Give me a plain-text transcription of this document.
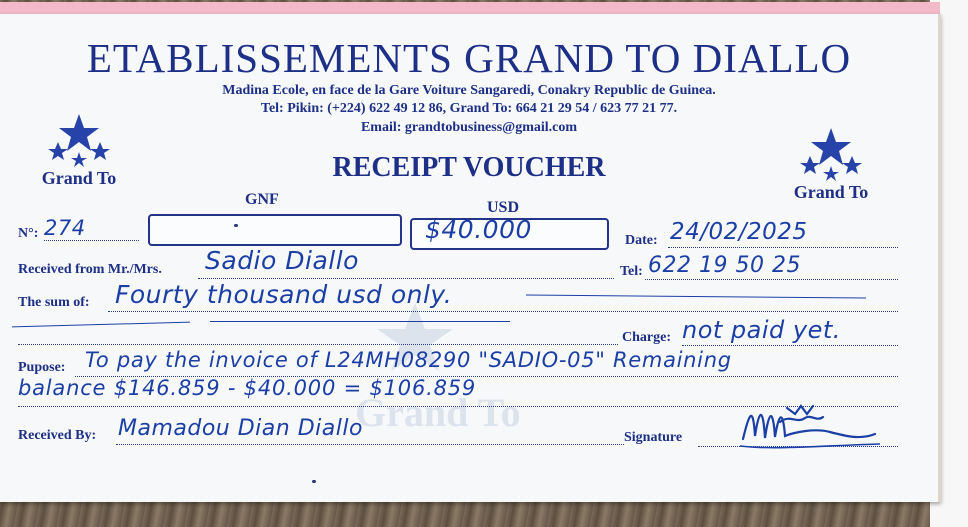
Grand To
ETABLISSEMENTS GRAND TO DIALLO
Madina Ecole, en face de la Gare Voiture Sangaredi, Conakry Republic de Guinea.
Tel: Pikin: (+224) 622 49 12 86, Grand To: 664 21 29 54 / 623 77 21 77.
Email: grandtobusiness@gmail.com
RECEIPT VOUCHER
Grand To
Grand To
GNF	USD
N°: 274	$40.000	Date: 24/02/2025
Received from Mr./Mrs. Sadio Diallo	Tel: 622 19 50 25
The sum of: Fourty thousand usd only.
Charge: not paid yet.
Pupose: To pay the invoice of L24MH08290 "SADIO-05" Remaining
balance $146.859 - $40.000 = $106.859
Received By: Mamadou Dian Diallo	Signature
